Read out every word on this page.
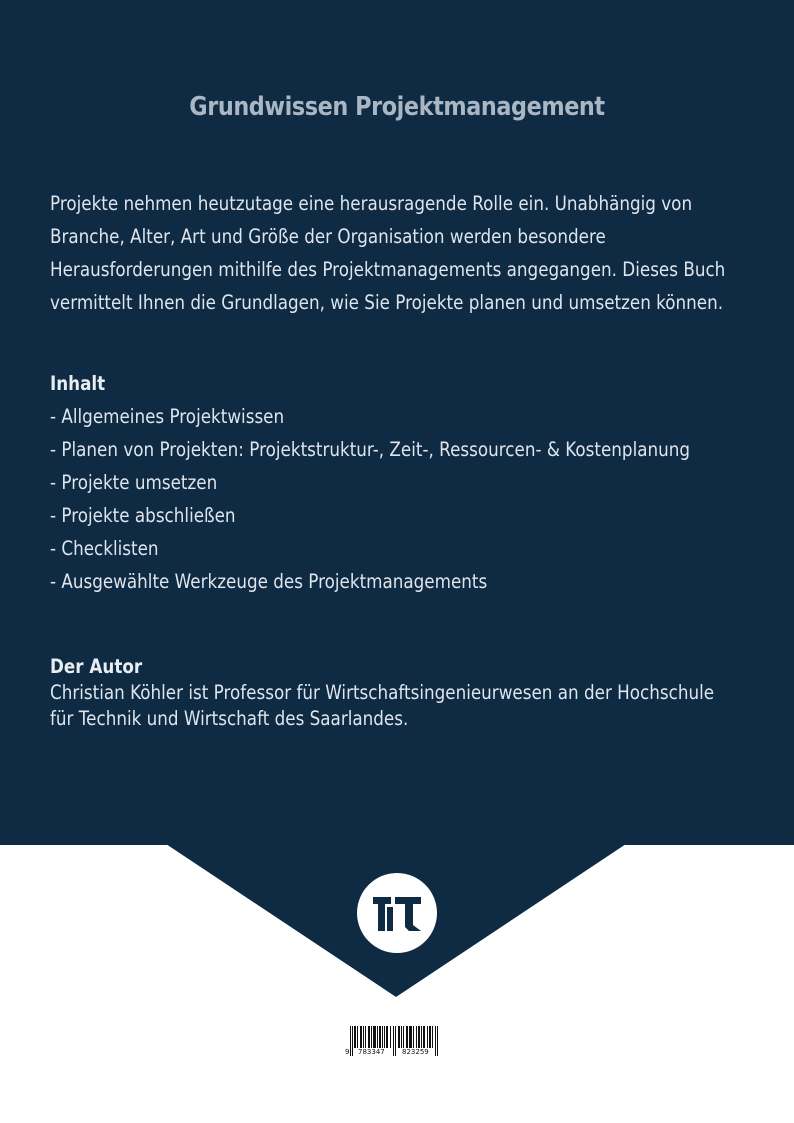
Grundwissen Projektmanagement
Projekte nehmen heutzutage eine herausragende Rolle ein. Unabhängig von
Branche, Alter, Art und Größe der Organisation werden besondere
Herausforderungen mithilfe des Projektmanagements angegangen. Dieses Buch
vermittelt Ihnen die Grundlagen, wie Sie Projekte planen und umsetzen können.
Inhalt
- Allgemeines Projektwissen
- Planen von Projekten: Projektstruktur-, Zeit-, Ressourcen- & Kostenplanung
- Projekte umsetzen
- Projekte abschließen
- Checklisten
- Ausgewählte Werkzeuge des Projektmanagements
Der Autor
Christian Köhler ist Professor für Wirtschaftsingenieurwesen an der Hochschule
für Technik und Wirtschaft des Saarlandes.
9 783347 823259
